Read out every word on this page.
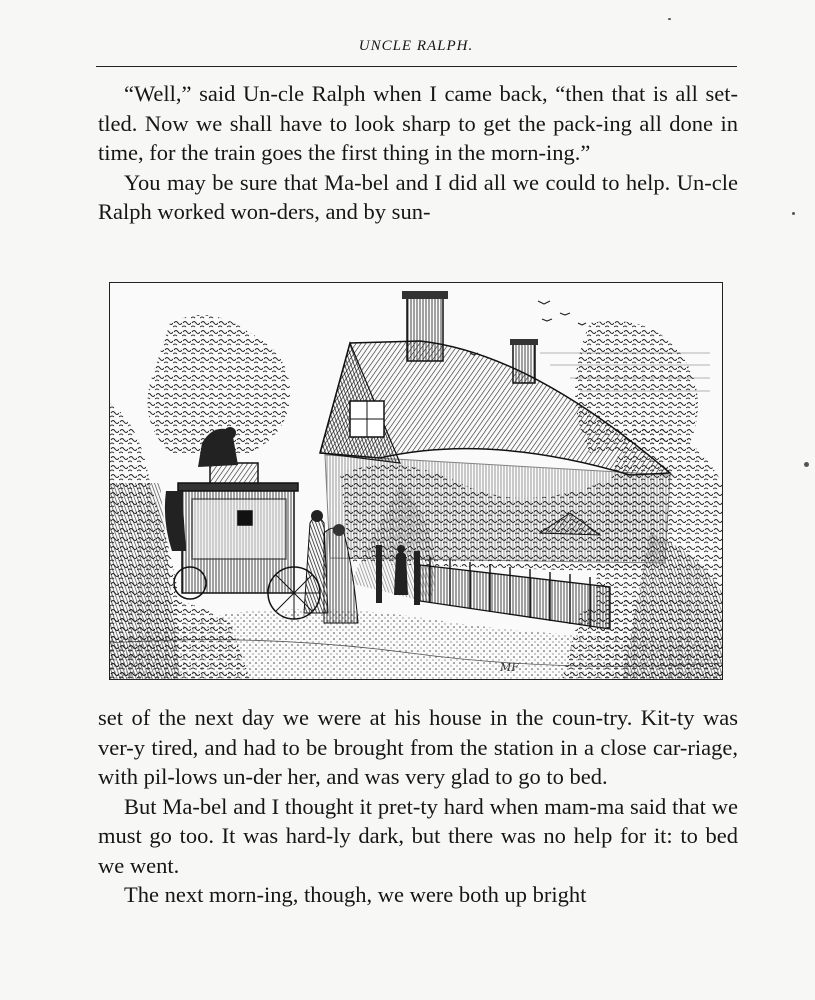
UNCLE RALPH.

“Well,” said Un-cle Ralph when I came back, “then that is all set-tled. Now we shall have to look sharp to get the pack-ing all done in time, for the train goes the first thing in the morn-ing.”

You may be sure that Ma-bel and I did all we could to help. Un-cle Ralph worked won-ders, and by sun-

MF

set of the next day we were at his house in the coun-try. Kit-ty was ver-y tired, and had to be brought from the station in a close car-riage, with pil-lows un-der her, and was very glad to go to bed.

But Ma-bel and I thought it pret-ty hard when mam-ma said that we must go too. It was hard-ly dark, but there was no help for it: to bed we went.

The next morn-ing, though, we were both up bright
